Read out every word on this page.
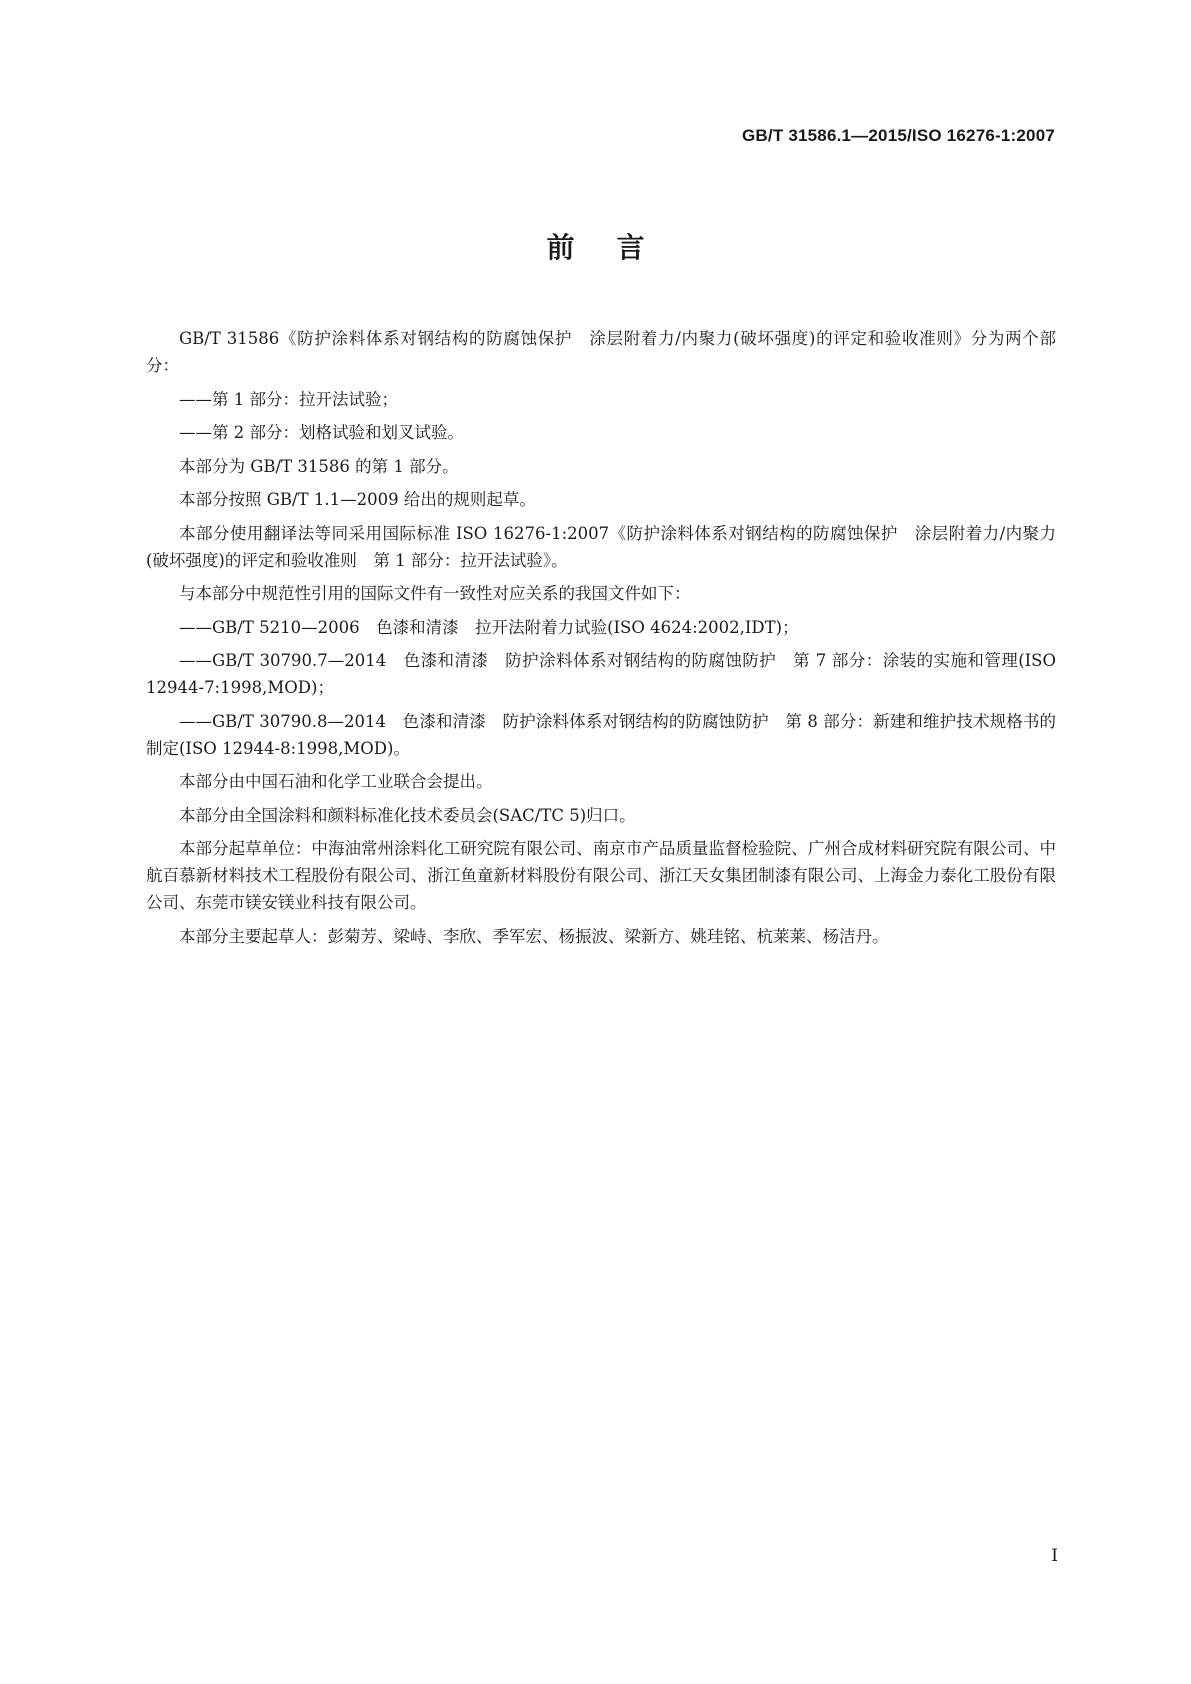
GB/T 31586.1—2015/ISO 16276-1:2007
前言

GB/T 31586《防护涂料体系对钢结构的防腐蚀保护　涂层附着力/内聚力(破坏强度)的评定和验收准则》分为两个部分：

——第 1 部分：拉开法试验；

——第 2 部分：划格试验和划叉试验。

本部分为 GB/T 31586 的第 1 部分。

本部分按照 GB/T 1.1—2009 给出的规则起草。

本部分使用翻译法等同采用国际标准 ISO 16276-1:2007《防护涂料体系对钢结构的防腐蚀保护　涂层附着力/内聚力(破坏强度)的评定和验收准则　第 1 部分：拉开法试验》。

与本部分中规范性引用的国际文件有一致性对应关系的我国文件如下：

——GB/T 5210—2006　色漆和清漆　拉开法附着力试验(ISO 4624:2002,IDT)；

——GB/T 30790.7—2014　色漆和清漆　防护涂料体系对钢结构的防腐蚀防护　第 7 部分：涂装的实施和管理(ISO 12944-7:1998,MOD)；

——GB/T 30790.8—2014　色漆和清漆　防护涂料体系对钢结构的防腐蚀防护　第 8 部分：新建和维护技术规格书的制定(ISO 12944-8:1998,MOD)。

本部分由中国石油和化学工业联合会提出。

本部分由全国涂料和颜料标准化技术委员会(SAC/TC 5)归口。

本部分起草单位：中海油常州涂料化工研究院有限公司、南京市产品质量监督检验院、广州合成材料研究院有限公司、中航百慕新材料技术工程股份有限公司、浙江鱼童新材料股份有限公司、浙江天女集团制漆有限公司、上海金力泰化工股份有限公司、东莞市镁安镁业科技有限公司。

本部分主要起草人：彭菊芳、梁峙、李欣、季军宏、杨振波、梁新方、姚珪铭、杭莱莱、杨洁丹。

I
